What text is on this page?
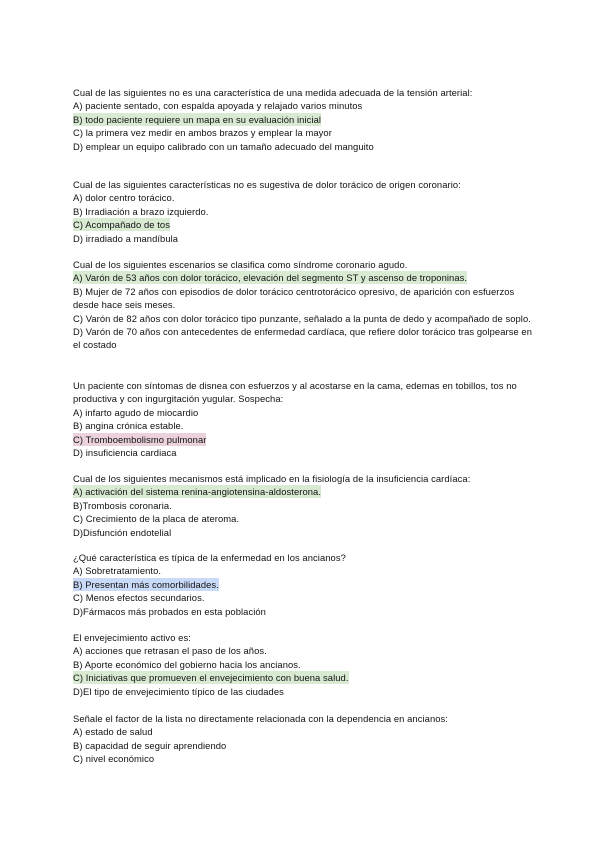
Cual de las siguientes no es una característica de una medida adecuada de la tensión arterial:
A) paciente sentado, con espalda apoyada y relajado varios minutos
B) todo paciente requiere un mapa en su evaluación inicial
C) la primera vez medir en ambos brazos y emplear la mayor
D) emplear un equipo calibrado con un tamaño adecuado del manguito
Cual de las siguientes características no es sugestiva de dolor torácico de origen coronario:
A) dolor centro torácico.
B) Irradiación a brazo izquierdo.
C) Acompañado de tos
D) irradiado a mandíbula
Cual de los siguientes escenarios se clasifica como síndrome coronario agudo.
A) Varón de 53 años con dolor torácico, elevación del segmento ST y ascenso de troponinas.
B) Mujer de 72 años con episodios de dolor torácico centrotorácico opresivo, de aparición con esfuerzos desde hace seis meses.
C) Varón de 82 años con dolor torácico tipo punzante, señalado a la punta de dedo y acompañado de soplo.
D) Varón de 70 años con antecedentes de enfermedad cardíaca, que refiere dolor torácico tras golpearse en el costado
Un paciente con síntomas de disnea con esfuerzos y al acostarse en la cama, edemas en tobillos, tos no productiva y con ingurgitación yugular. Sospecha:
A) infarto agudo de miocardio
B) angina crónica estable.
C) Tromboembolismo pulmonar
D) insuficiencia cardiaca
Cual de los siguientes mecanismos está implicado en la fisiología de la insuficiencia cardíaca:
A) activación del sistema renina-angiotensina-aldosterona.
B)Trombosis coronaria.
C) Crecimiento de la placa de ateroma.
D)Disfunción endotelial
¿Qué característica es típica de la enfermedad en los ancianos?
A) Sobretratamiento.
B) Presentan más comorbilidades.
C) Menos efectos secundarios.
D)Fármacos más probados en esta población
El envejecimiento activo es:
A) acciones que retrasan el paso de los años.
B) Aporte económico del gobierno hacia los ancianos.
C) Iniciativas que promueven el envejecimiento con buena salud.
D)El tipo de envejecimiento típico de las ciudades
Señale el factor de la lista no directamente relacionada con la dependencia en ancianos:
A) estado de salud
B) capacidad de seguir aprendiendo
C) nivel económico
